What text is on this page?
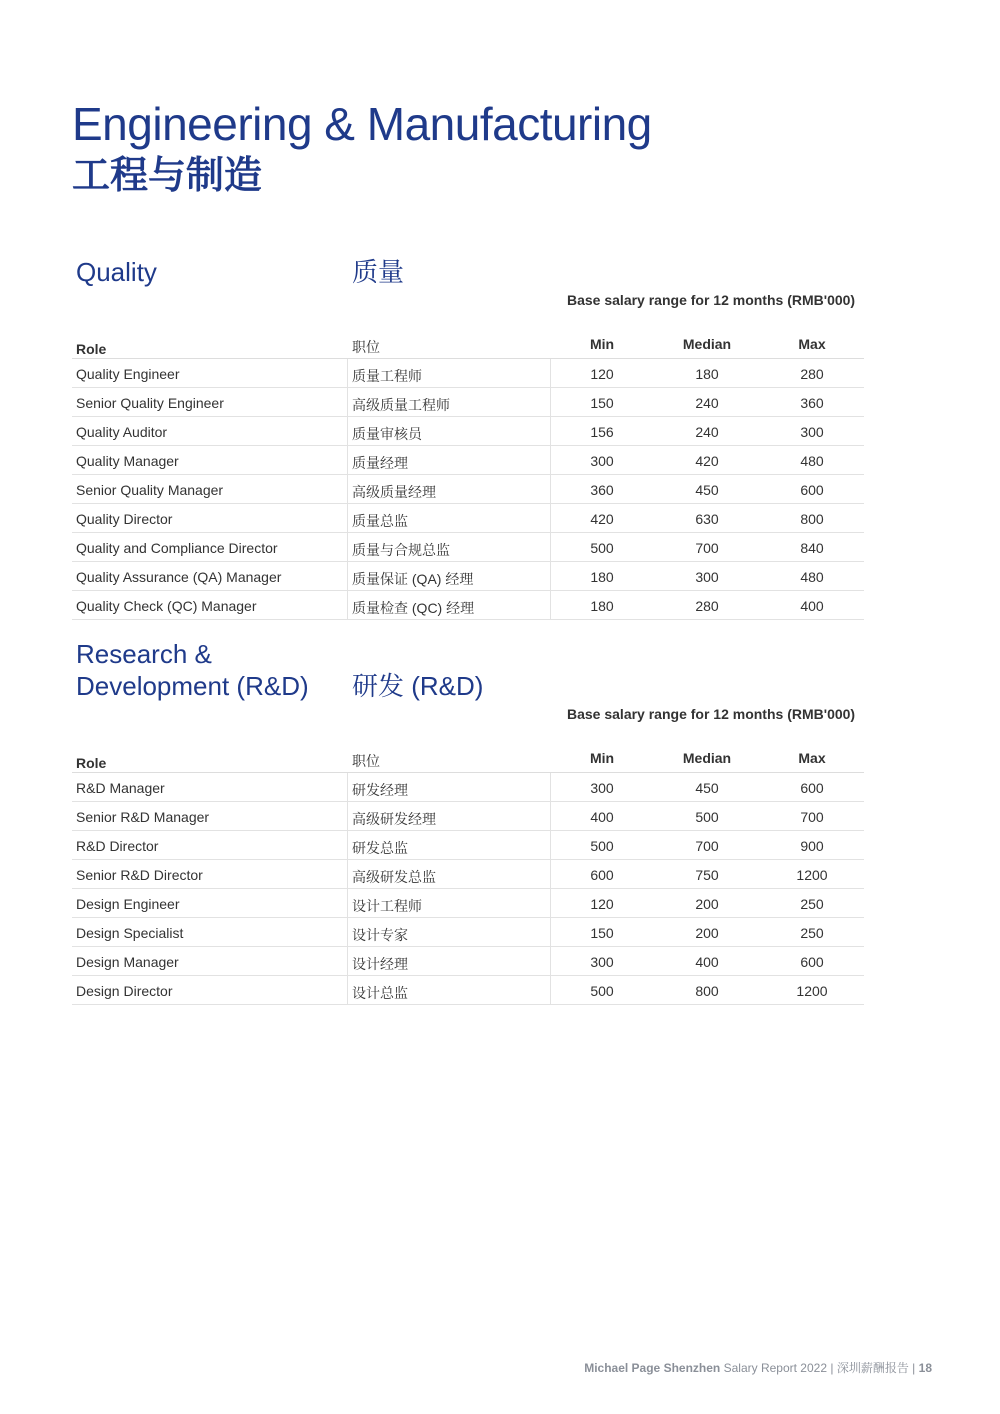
Engineering & Manufacturing
工程与制造
Quality	质量
Base salary range for 12 months (RMB'000)
Role	职位	Min	Median	Max
Quality Engineer	质量工程师	120	180	280
Senior Quality Engineer	高级质量工程师	150	240	360
Quality Auditor	质量审核员	156	240	300
Quality Manager	质量经理	300	420	480
Senior Quality Manager	高级质量经理	360	450	600
Quality Director	质量总监	420	630	800
Quality and Compliance Director	质量与合规总监	500	700	840
Quality Assurance (QA) Manager	质量保证 (QA) 经理	180	300	480
Quality Check (QC) Manager	质量检查 (QC) 经理	180	280	400
Research &
Development (R&D) 研发 (R&D)
Base salary range for 12 months (RMB'000)
Role	职位	Min	Median	Max
R&D Manager	研发经理	300	450	600
Senior R&D Manager	高级研发经理	400	500	700
R&D Director	研发总监	500	700	900
Senior R&D Director	高级研发总监	600	750	1200
Design Engineer	设计工程师	120	200	250
Design Specialist	设计专家	150	200	250
Design Manager	设计经理	300	400	600
Design Director	设计总监	500	800	1200
Michael Page Shenzhen Salary Report 2022 | 深圳薪酬报告 | 18
